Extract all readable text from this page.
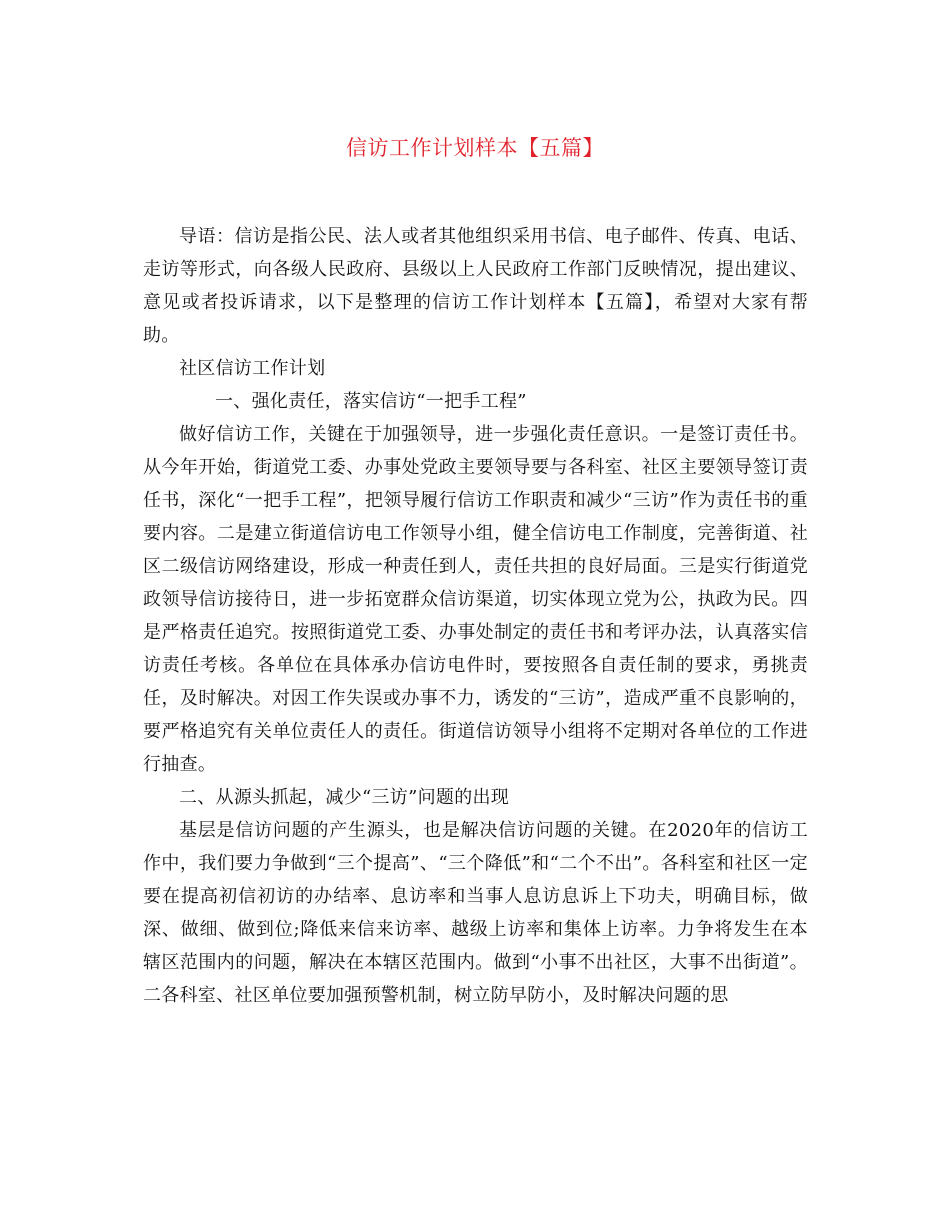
信访工作计划样本【五篇】

导语：信访是指公民、法人或者其他组织采用书信、电子邮件、传真、电话、走访等形式，向各级人民政府、县级以上人民政府工作部门反映情况，提出建议、意见或者投诉请求，以下是整理的信访工作计划样本【五篇】，希望对大家有帮助。

社区信访工作计划

一、强化责任，落实信访“一把手工程”

做好信访工作，关键在于加强领导，进一步强化责任意识。一是签订责任书。从今年开始，街道党工委、办事处党政主要领导要与各科室、社区主要领导签订责任书，深化“一把手工程”，把领导履行信访工作职责和减少“三访”作为责任书的重要内容。二是建立街道信访电工作领导小组，健全信访电工作制度，完善街道、社区二级信访网络建设，形成一种责任到人，责任共担的良好局面。三是实行街道党政领导信访接待日，进一步拓宽群众信访渠道，切实体现立党为公，执政为民。四是严格责任追究。按照街道党工委、办事处制定的责任书和考评办法，认真落实信访责任考核。各单位在具体承办信访电件时，要按照各自责任制的要求，勇挑责任，及时解决。对因工作失误或办事不力，诱发的“三访”，造成严重不良影响的，要严格追究有关单位责任人的责任。街道信访领导小组将不定期对各单位的工作进行抽查。

二、从源头抓起，减少“三访”问题的出现

基层是信访问题的产生源头，也是解决信访问题的关键。在2020年的信访工作中，我们要力争做到“三个提高”、“三个降低”和“二个不出”。各科室和社区一定要在提高初信初访的办结率、息访率和当事人息访息诉上下功夫，明确目标，做深、做细、做到位;降低来信来访率、越级上访率和集体上访率。力争将发生在本辖区范围内的问题，解决在本辖区范围内。做到“小事不出社区，大事不出街道”。二各科室、社区单位要加强预警机制，树立防早防小，及时解决问题的思
